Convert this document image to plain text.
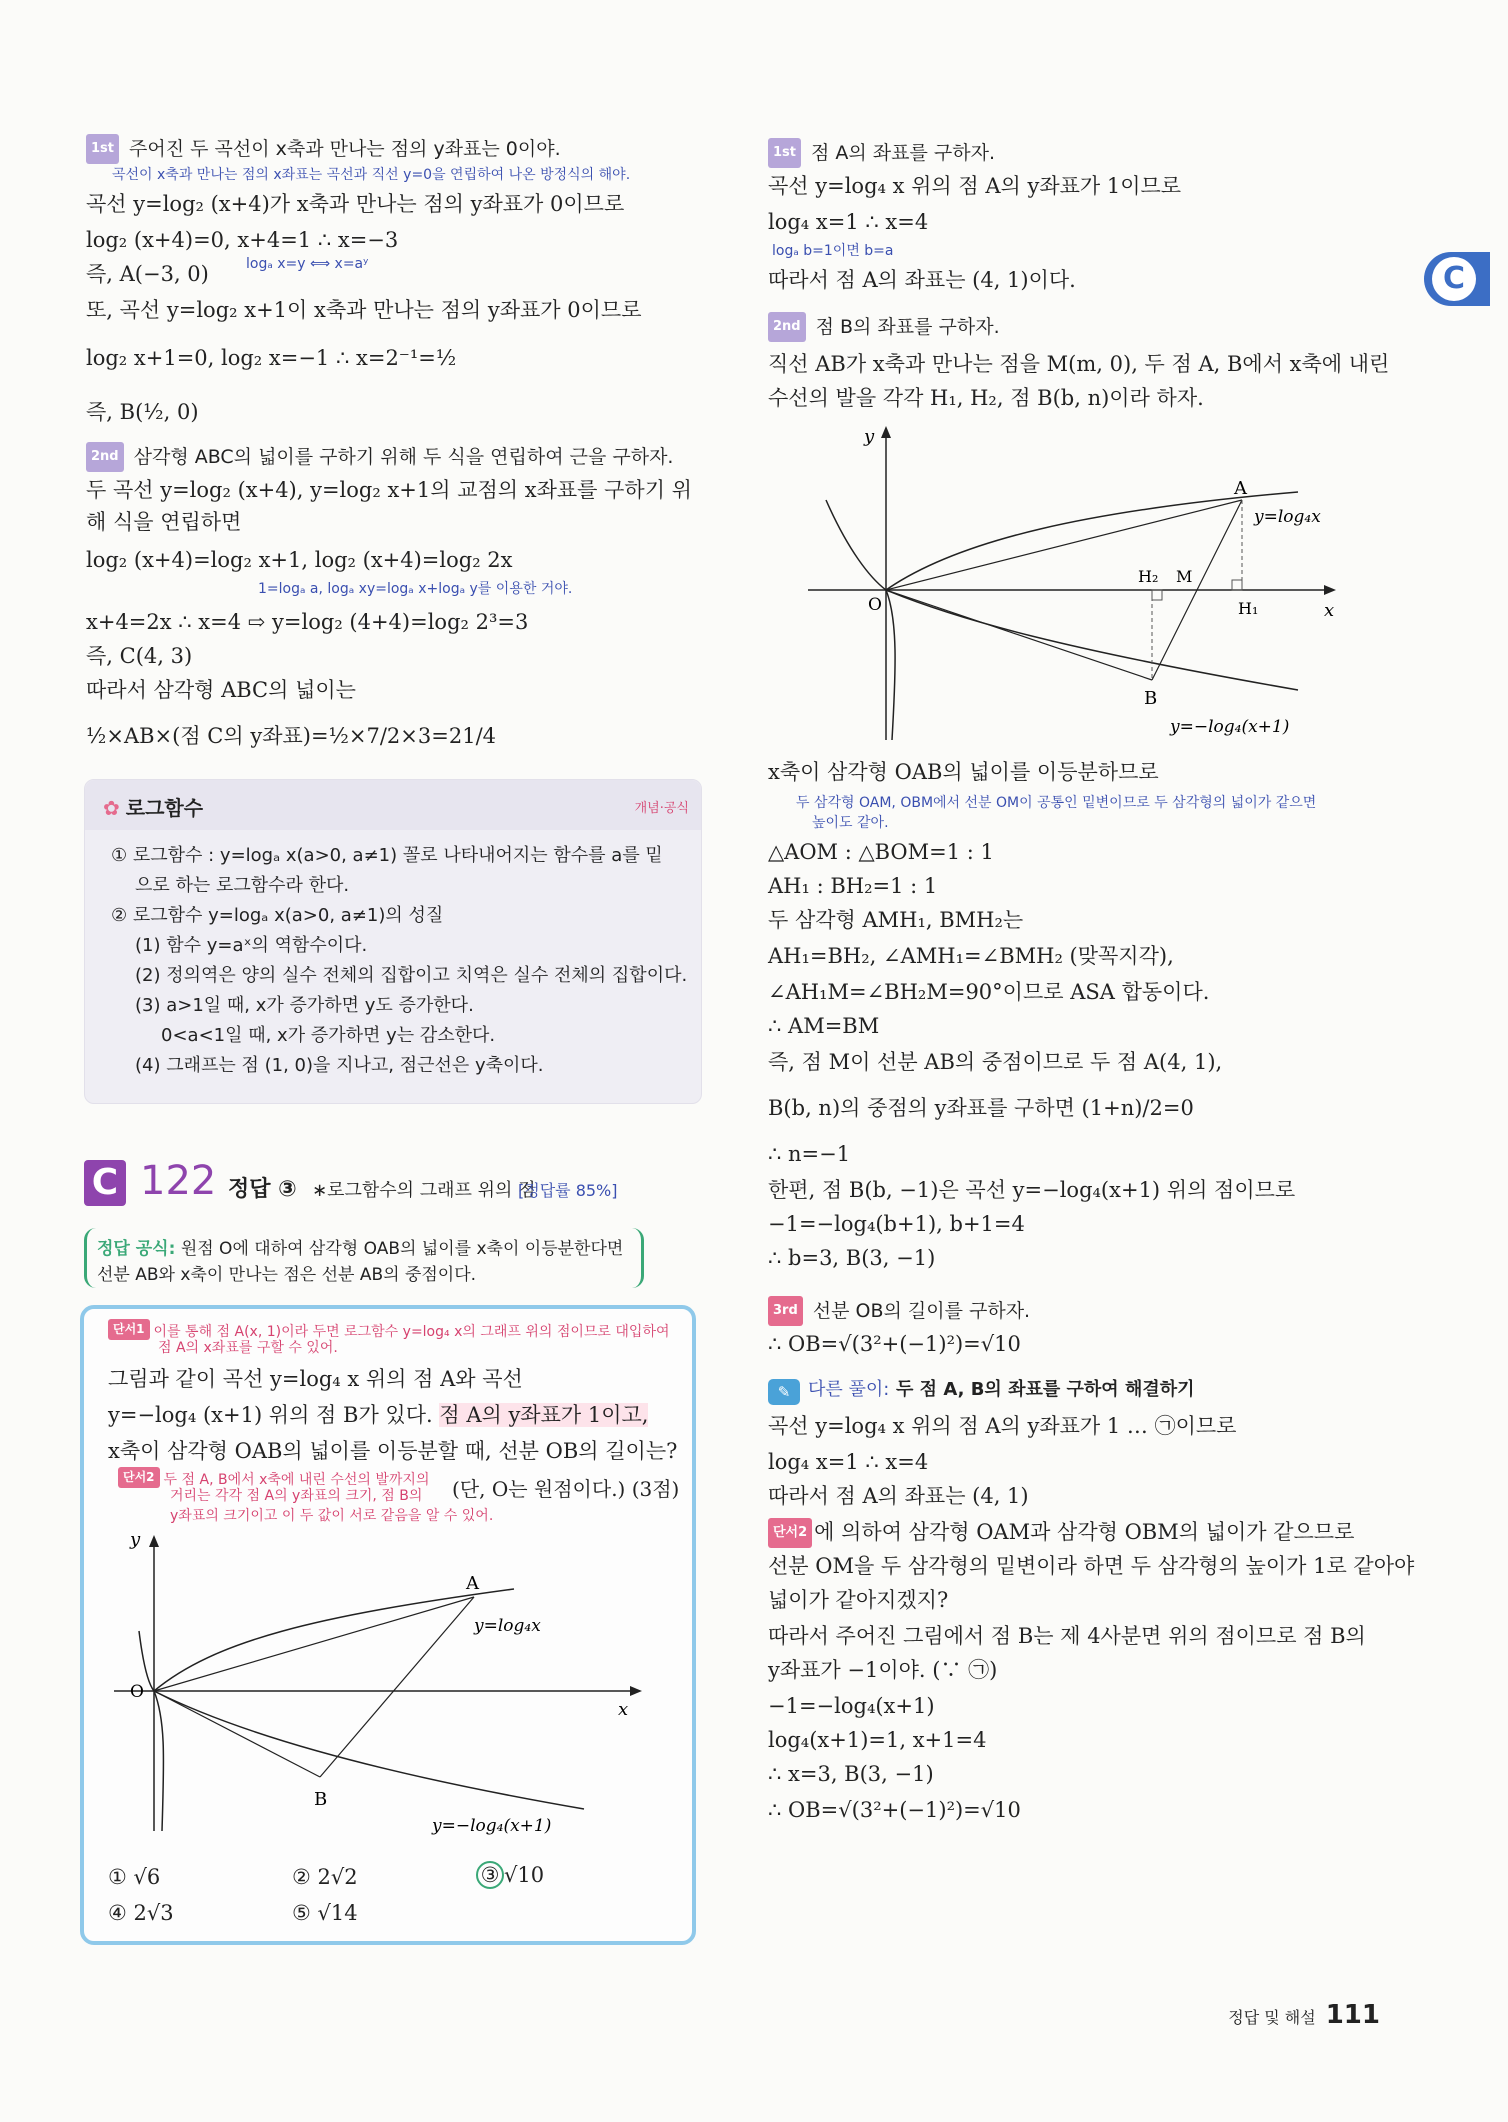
1st 주어진 두 곡선이 x축과 만나는 점의 y좌표는 0이야.
곡선이 x축과 만나는 점의 x좌표는 곡선과 직선 y=0을 연립하여 나온 방정식의 해야.
곡선 y=log₂ (x+4)가 x축과 만나는 점의 y좌표가 0이므로
log₂ (x+4)=0, x+4=1 ∴ x=−3
logₐ x=y ⟺ x=aʸ
즉, A(−3, 0)
또, 곡선 y=log₂ x+1이 x축과 만나는 점의 y좌표가 0이므로
log₂ x+1=0, log₂ x=−1 ∴ x=2⁻¹=½
즉, B(½, 0)
2nd 삼각형 ABC의 넓이를 구하기 위해 두 식을 연립하여 근을 구하자.
두 곡선 y=log₂ (x+4), y=log₂ x+1의 교점의 x좌표를 구하기 위
해 식을 연립하면
log₂ (x+4)=log₂ x+1, log₂ (x+4)=log₂ 2x
1=logₐ a, logₐ xy=logₐ x+logₐ y를 이용한 거야.
x+4=2x ∴ x=4 ⇨ y=log₂ (4+4)=log₂ 2³=3
즉, C(4, 3)
따라서 삼각형 ABC의 넓이는
½×AB×(점 C의 y좌표)=½×7/2×3=21/4
✿ 로그함수	개념·공식
① 로그함수 : y=logₐ x(a>0, a≠1) 꼴로 나타내어지는 함수를 a를 밑
으로 하는 로그함수라 한다.
② 로그함수 y=logₐ x(a>0, a≠1)의 성질
(1) 함수 y=aˣ의 역함수이다.
(2) 정의역은 양의 실수 전체의 집합이고 치역은 실수 전체의 집합이다.
(3) a>1일 때, x가 증가하면 y도 증가한다.
0<a<1일 때, x가 증가하면 y는 감소한다.
(4) 그래프는 점 (1, 0)을 지나고, 점근선은 y축이다.
C 122 정답 ③ ∗로그함수의 그래프 위의 점
[정답률 85%]
정답 공식: 원점 O에 대하여 삼각형 OAB의 넓이를 x축이 이등분한다면
선분 AB와 x축이 만나는 점은 선분 AB의 중점이다.
단서1 이를 통해 점 A(x, 1)이라 두면 로그함수 y=log₄ x의 그래프 위의 점이므로 대입하여
점 A의 x좌표를 구할 수 있어.
그림과 같이 곡선 y=log₄ x 위의 점 A와 곡선
y=−log₄ (x+1) 위의 점 B가 있다. 점 A의 y좌표가 1이고,
x축이 삼각형 OAB의 넓이를 이등분할 때, 선분 OB의 길이는?
단서2 두 점 A, B에서 x축에 내린 수선의 발까지의
거리는 각각 점 A의 y좌표의 크기, 점 B의
y좌표의 크기이고 이 두 값이 서로 같음을 알 수 있어.
(단, O는 원점이다.) (3점)
y
x
O
A
B
y=log₄x
y=−log₄(x+1)
① √6	② 2√2	③ √10
④ 2√3	⑤ √14
C
1st 점 A의 좌표를 구하자.
곡선 y=log₄ x 위의 점 A의 y좌표가 1이므로
log₄ x=1 ∴ x=4
logₐ b=1이면 b=a
따라서 점 A의 좌표는 (4, 1)이다.
2nd 점 B의 좌표를 구하자.
직선 AB가 x축과 만나는 점을 M(m, 0), 두 점 A, B에서 x축에 내린
수선의 발을 각각 H₁, H₂, 점 B(b, n)이라 하자.
y
x
O
A
B
H₁
H₂ M
y=log₄x
y=−log₄(x+1)
x축이 삼각형 OAB의 넓이를 이등분하므로
두 삼각형 OAM, OBM에서 선분 OM이 공통인 밑변이므로 두 삼각형의 넓이가 같으면
높이도 같아.
△AOM : △BOM=1 : 1
AH₁ : BH₂=1 : 1
두 삼각형 AMH₁, BMH₂는
AH₁=BH₂, ∠AMH₁=∠BMH₂ (맞꼭지각),
∠AH₁M=∠BH₂M=90°이므로 ASA 합동이다.
∴ AM=BM
즉, 점 M이 선분 AB의 중점이므로 두 점 A(4, 1),
B(b, n)의 중점의 y좌표를 구하면 (1+n)/2=0
∴ n=−1
한편, 점 B(b, −1)은 곡선 y=−log₄(x+1) 위의 점이므로
−1=−log₄(b+1), b+1=4
∴ b=3, B(3, −1)
3rd 선분 OB의 길이를 구하자.
∴ OB=√(3²+(−1)²)=√10
✎ 다른 풀이: 두 점 A, B의 좌표를 구하여 해결하기
곡선 y=log₄ x 위의 점 A의 y좌표가 1 … ㉠이므로
log₄ x=1 ∴ x=4
따라서 점 A의 좌표는 (4, 1)
단서2 에 의하여 삼각형 OAM과 삼각형 OBM의 넓이가 같으므로
선분 OM을 두 삼각형의 밑변이라 하면 두 삼각형의 높이가 1로 같아야
넓이가 같아지겠지?
따라서 주어진 그림에서 점 B는 제 4사분면 위의 점이므로 점 B의
y좌표가 −1이야. (∵ ㉠)
−1=−log₄(x+1)
log₄(x+1)=1, x+1=4
∴ x=3, B(3, −1)
∴ OB=√(3²+(−1)²)=√10
정답 및 해설 111
